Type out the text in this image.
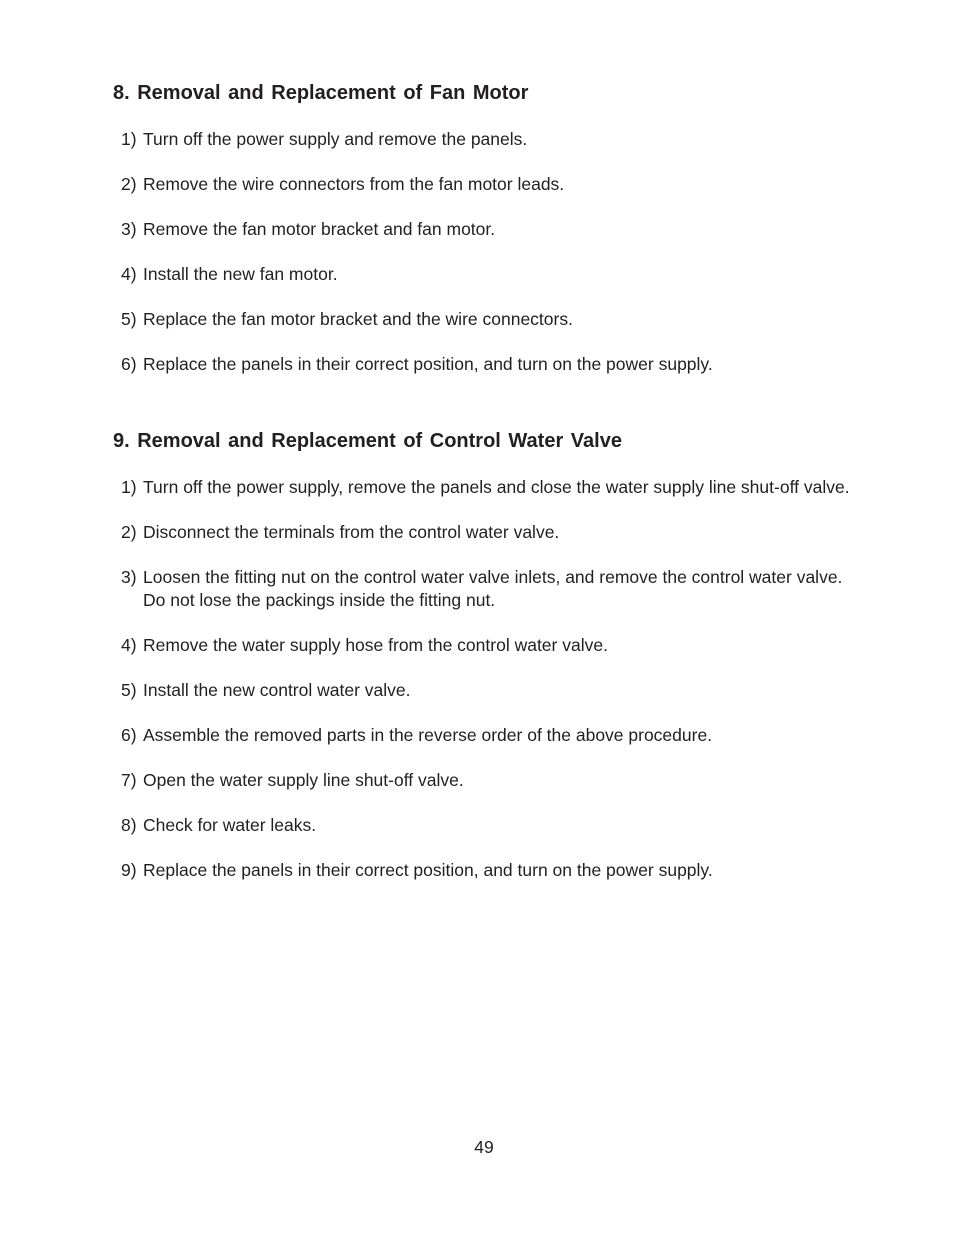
8. Removal and Replacement of Fan Motor
1) Turn off the power supply and remove the panels.
2) Remove the wire connectors from the fan motor leads.
3) Remove the fan motor bracket and fan motor.
4) Install the new fan motor.
5) Replace the fan motor bracket and the wire connectors.
6) Replace the panels in their correct position, and turn on the power supply.
9. Removal and Replacement of Control Water Valve
1) Turn off the power supply, remove the panels and close the water supply line shut-off valve.
2) Disconnect the terminals from the control water valve.
3) Loosen the fitting nut on the control water valve inlets, and remove the control water valve. Do not lose the packings inside the fitting nut.
4) Remove the water supply hose from the control water valve.
5) Install the new control water valve.
6) Assemble the removed parts in the reverse order of the above procedure.
7) Open the water supply line shut-off valve.
8) Check for water leaks.
9) Replace the panels in their correct position, and turn on the power supply.
49
